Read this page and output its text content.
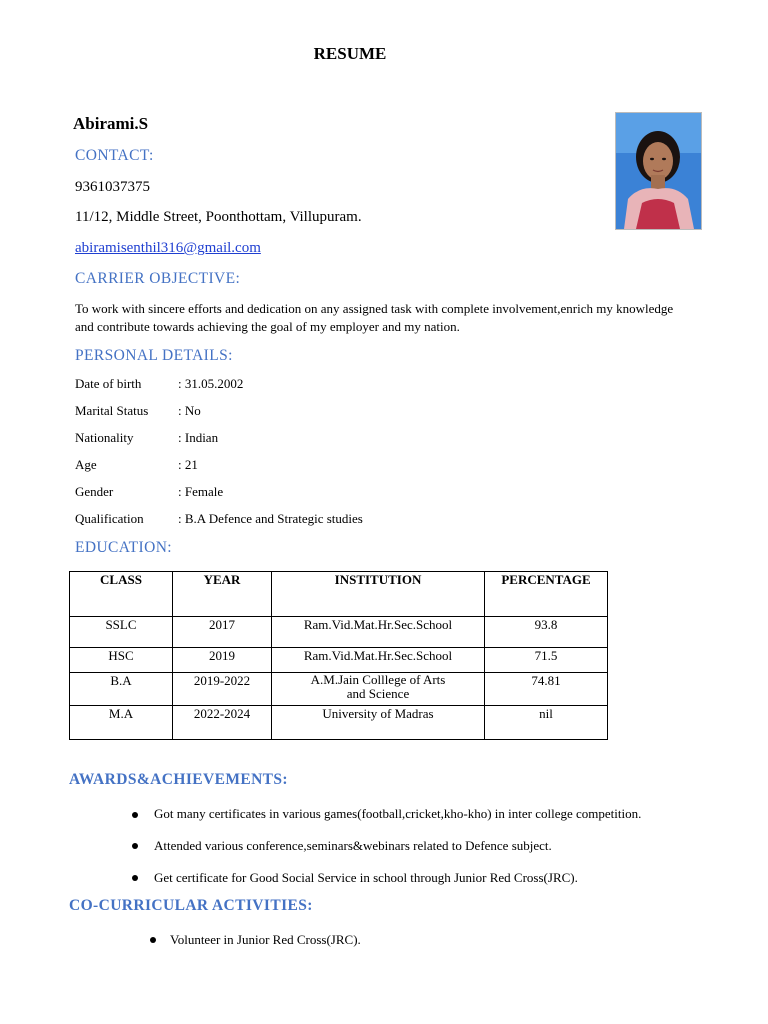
RESUME
Abirami.S
CONTACT:
9361037375
11/12, Middle Street, Poonthottam, Villupuram.
abiramisenthil316@gmail.com
CARRIER OBJECTIVE:
To work with sincere efforts and dedication on any assigned task with complete involvement,enrich my knowledge and contribute towards achieving the goal of my employer and my nation.
PERSONAL DETAILS:
Date of birth	: 31.05.2002
Marital Status : No
Nationality	: Indian
Age	: 21
Gender	: Female
Qualification	: B.A Defence and Strategic studies
EDUCATION:
CLASS	YEAR	INSTITUTION	PERCENTAGE
SSLC	2017	Ram.Vid.Mat.Hr.Sec.School	93.8
HSC	2019	Ram.Vid.Mat.Hr.Sec.School	71.5
B.A	2019-2022	A.M.Jain Colllege of Arts
and Science	74.81
M.A	2022-2024	University of Madras	nil
AWARDS&ACHIEVEMENTS:
Got many certificates in various games(football,cricket,kho-kho) in inter college competition.
Attended various conference,seminars&webinars related to Defence subject.
Get certificate for Good Social Service in school through Junior Red Cross(JRC).
CO-CURRICULAR ACTIVITIES:
Volunteer in Junior Red Cross(JRC).
